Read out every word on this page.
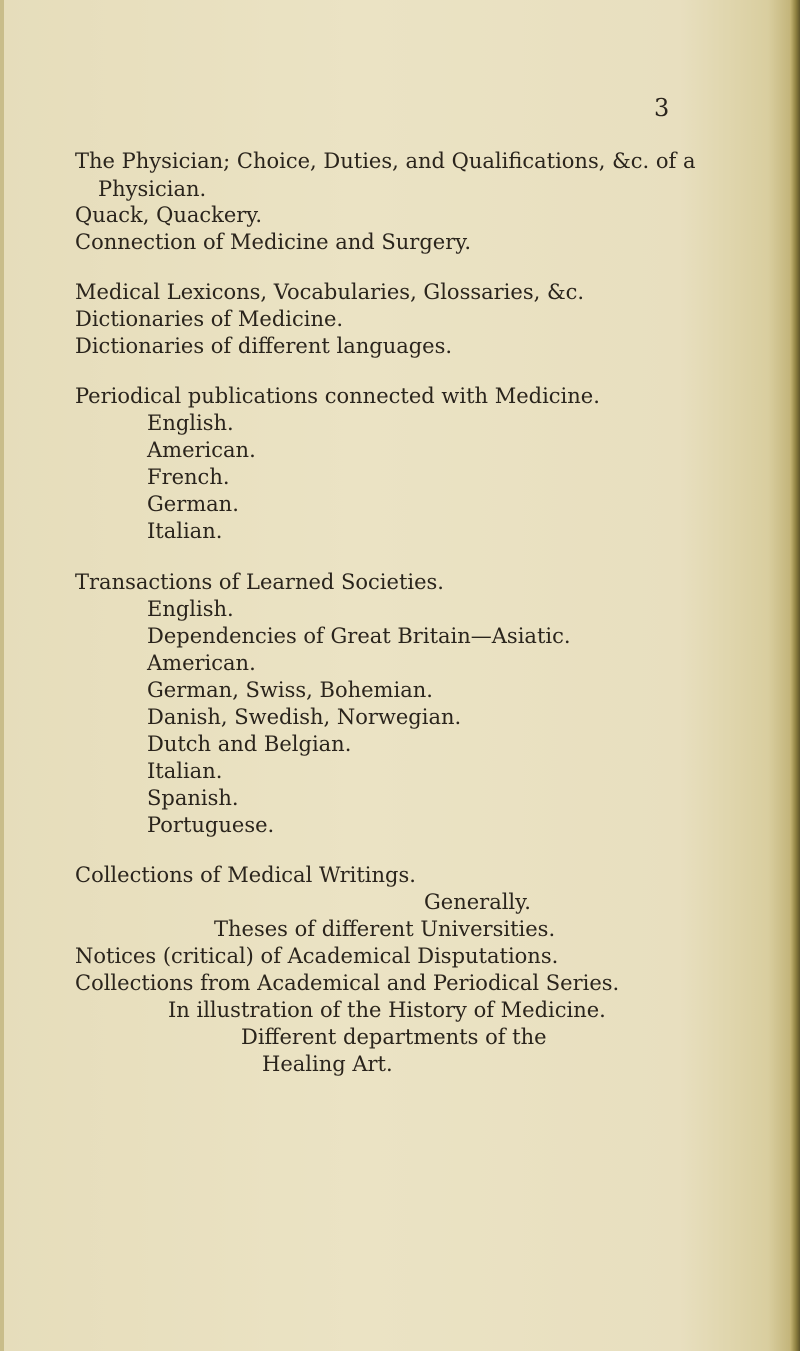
3
The Physician; Choice, Duties, and Qualifications, &c. of a
Physician.
Quack, Quackery.
Connection of Medicine and Surgery.
Medical Lexicons, Vocabularies, Glossaries, &c.
Dictionaries of Medicine.
Dictionaries of different languages.
Periodical publications connected with Medicine.
English.
American.
French.
German.
Italian.
Transactions of Learned Societies.
English.
Dependencies of Great Britain—Asiatic.
American.
German, Swiss, Bohemian.
Danish, Swedish, Norwegian.
Dutch and Belgian.
Italian.
Spanish.
Portuguese.
Collections of Medical Writings.
Generally.
Theses of different Universities.
Notices (critical) of Academical Disputations.
Collections from Academical and Periodical Series.
In illustration of the History of Medicine.
Different departments of the
Healing Art.
